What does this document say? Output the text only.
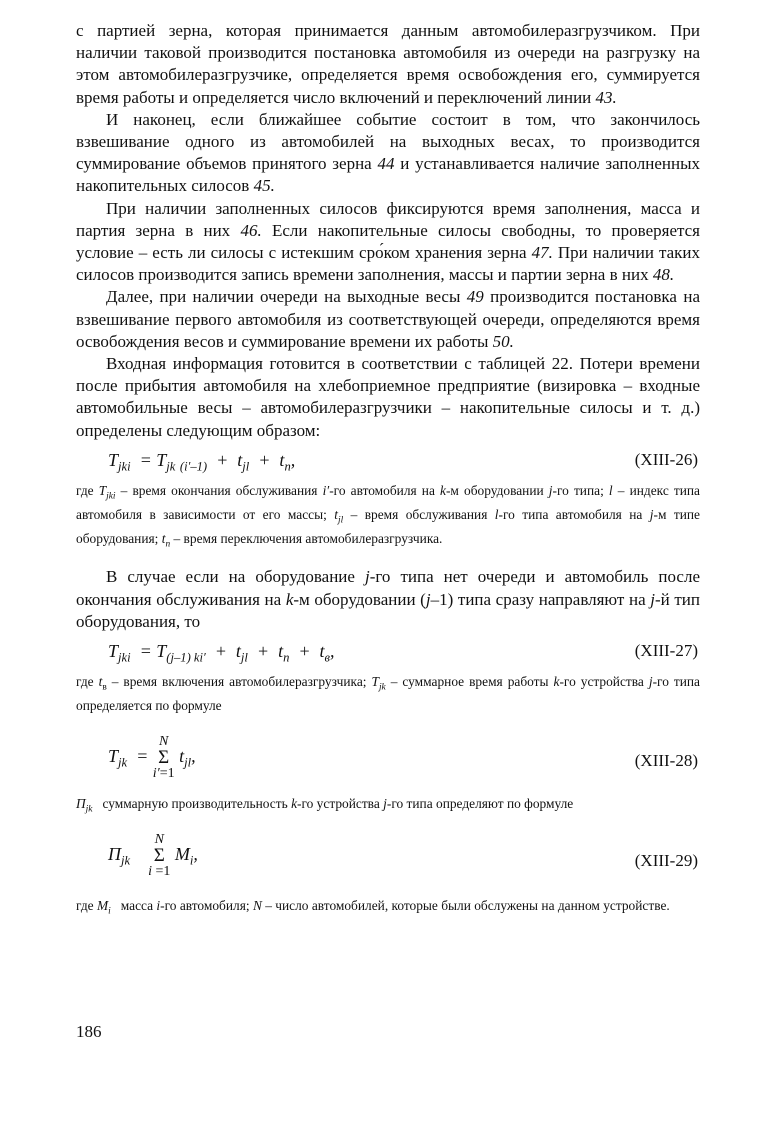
с партией зерна, которая принимается данным автомобилеразгрузчиком. При наличии таковой производится постановка автомобиля из очереди на разгрузку на этом автомобилеразгрузчике, определяется время освобождения его, суммируется время работы и определяется число включений и переключений линии 43.

И наконец, если ближайшее событие состоит в том, что закончилось взвешивание одного из автомобилей на выходных весах, то производится суммирование объемов принятого зерна 44 и устанавливается наличие заполненных накопительных силосов 45.

При наличии заполненных силосов фиксируются время заполнения, масса и партия зерна в них 46. Если накопительные силосы свободны, то проверяется условие – есть ли силосы с истекшим сро́ком хранения зерна 47. При наличии таких силосов производится запись времени заполнения, массы и партии зерна в них 48.

Далее, при наличии очереди на выходные весы 49 производится постановка на взвешивание первого автомобиля из соответствующей очереди, определяются время освобождения весов и суммирование времени их работы 50.

Входная информация готовится в соответствии с таблицей 22. Потери времени после прибытия автомобиля на хлебоприемное предприятие (визировка – входные автомобильные весы – автомобилеразгрузчики – накопительные силосы и т. д.) определены следующим образом:

$T_{jki} = T_{jk}$ $_{(i'-1)} + t_{jl} + t_n$,	(XIII-26)

где $T_{jki}$ – время окончания обслуживания i′-го автомобиля на k-м оборудовании j-го типа; l – индекс типа автомобиля в зависимости от его массы; $t_{jl}$ – время обслуживания l-го типа автомобиля на j-м типе оборудования; $t_n$ – время переключения автомобилеразгрузчика.

В случае если на оборудование j-го типа нет очереди и автомобиль после окончания обслуживания на k-м оборудовании (j–1) типа сразу направляют на j-й тип оборудования, то

$T_{jki} = T_{(j-1) ki'} + t_{jl} + t_n + t_в$,	(XIII-27)

где $t_в$ – время включения автомобилеразгрузчика; $T_{jk}$ – суммарное время работы k-го устройства j-го типа определяется по формуле

$T_{jk} = N$
Σ
i′=1 $t_{jl}$,	(XIII-28)

$П_{jk}$   суммарную производительность k-го устройства j-го типа определяют по формуле

$П_{jk}$    N
Σ
i =1 $M_i$,	(XIII-29)

где $M_i$   масса i-го автомобиля; N – число автомобилей, которые были обслужены на данном устройстве.

186
